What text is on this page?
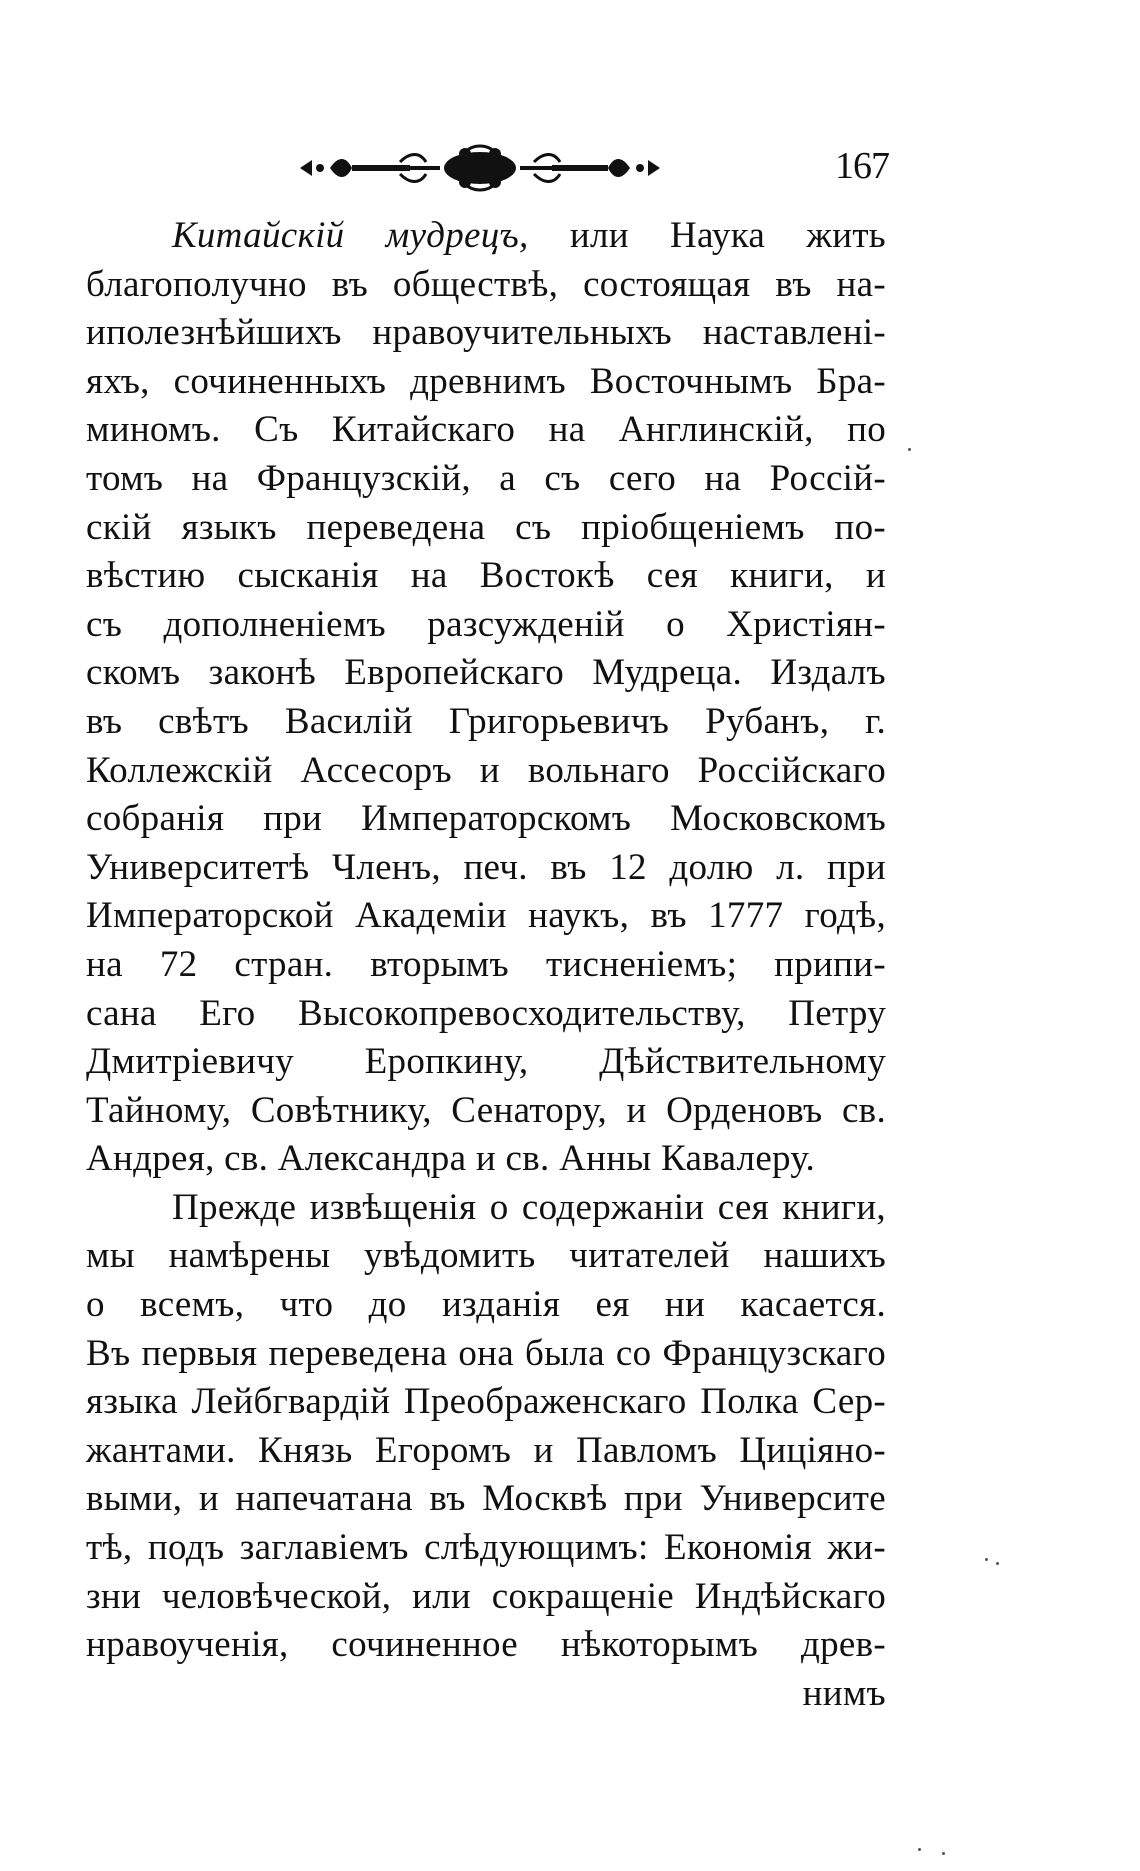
167
Китайскій мудрецъ, или Наука жить
благополучно въ обществѣ, состоящая въ на-
иполезнѣйшихъ нравоучительныхъ наставлені-
яхъ, сочиненныхъ древнимъ Восточнымъ Бра-
миномъ. Съ Китайскаго на Англинскій, по
томъ на Французскій, а съ сего на Россій-
скій языкъ переведена съ пріобщеніемъ по-
вѣстию сысканія на Востокѣ сея книги, и
съ дополненіемъ разсужденій о Христіян-
скомъ законѣ Европейскаго Мудреца. Издалъ
въ свѣтъ Василій Григорьевичъ Рубанъ, г.
Коллежскій Ассесоръ и вольнаго Россійскаго
собранія при Императорскомъ Московскомъ
Университетѣ Членъ, печ. въ 12 долю л. при
Императорской Академіи наукъ, въ 1777 годѣ,
на 72 стран. вторымъ тисненіемъ; припи-
сана Его Высокопревосходительству, Петру
Дмитріевичу Еропкину, Дѣйствительному
Тайному, Совѣтнику, Сенатору, и Орденовъ св.
Андрея, св. Александра и св. Анны Кавалеру.
Прежде извѣщенія о содержаніи сея книги,
мы намѣрены увѣдомить читателей нашихъ
о всемъ, что до изданія ея ни касается.
Въ первыя переведена она была со Французскаго
языка Лейбгвардій Преображенскаго Полка Сер-
жантами. Князь Егоромъ и Павломъ Циціяно-
выми, и напечатана въ Москвѣ при Университе
тѣ, подъ заглавіемъ слѣдующимъ: Економія жи-
зни человѣческой, или сокращеніе Индѣйскаго
нравоученія, сочиненное нѣкоторымъ древ-
нимъ
